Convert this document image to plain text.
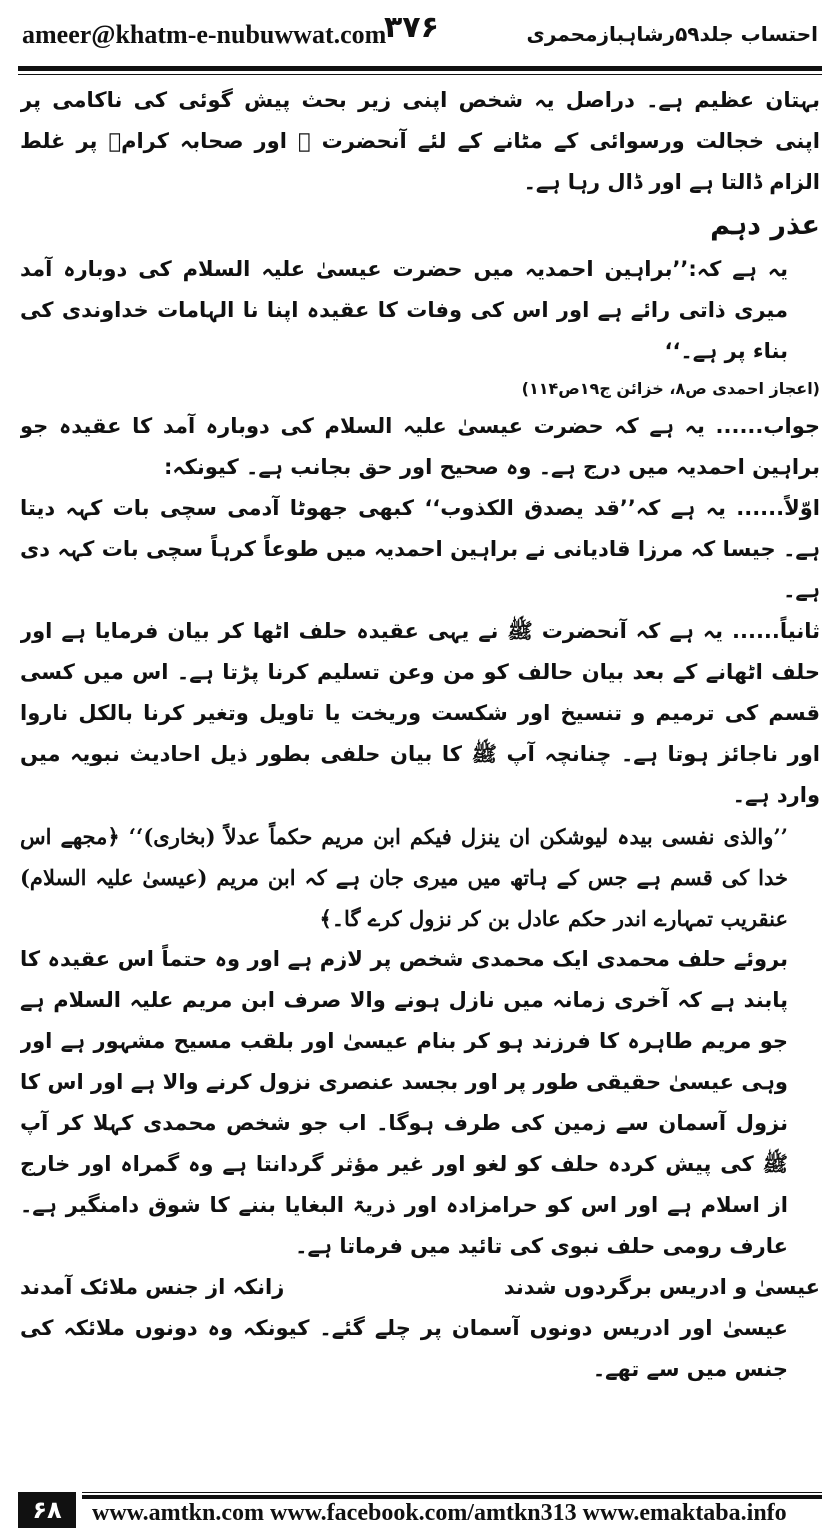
ameer@khatm-e-nubuwwat.com
۳۷۶	احتساب جلد۵۹رشاہبازمحمری

بہتان عظیم ہے۔ دراصل یہ شخص اپنی زیر بحث پیش گوئی کی ناکامی پر اپنی خجالت ورسوائی کے مٹانے کے لئے آنحضرت ﷺ اور صحابہ کرامؓ پر غلط الزام ڈالتا ہے اور ڈال رہا ہے۔

عذر دہم

یہ ہے کہ:’’براہین احمدیہ میں حضرت عیسیٰ علیہ السلام کی دوبارہ آمد میری ذاتی رائے ہے اور اس کی وفات کا عقیدہ اپنا نا الہامات خداوندی کی بناء پر ہے۔‘‘

(اعجاز احمدی ص۸، خزائن ج۱۹ص۱۱۴)

جواب...... یہ ہے کہ حضرت عیسیٰ علیہ السلام کی دوبارہ آمد کا عقیدہ جو براہین احمدیہ میں درج ہے۔ وہ صحیح اور حق بجانب ہے۔ کیونکہ:

اوّلاً...... یہ ہے کہ’’قد یصدق الکذوب‘‘ کبھی جھوٹا آدمی سچی بات کہہ دیتا ہے۔ جیسا کہ مرزا قادیانی نے براہین احمدیہ میں طوعاً کرہاً سچی بات کہہ دی ہے۔

ثانیاً...... یہ ہے کہ آنحضرت ﷺ نے یہی عقیدہ حلف اٹھا کر بیان فرمایا ہے اور حلف اٹھانے کے بعد بیان حالف کو من وعن تسلیم کرنا پڑتا ہے۔ اس میں کسی قسم کی ترمیم و تنسیخ اور شکست وریخت یا تاویل وتغیر کرنا بالکل ناروا اور ناجائز ہوتا ہے۔ چنانچہ آپ ﷺ کا بیان حلفی بطور ذیل احادیث نبویہ میں وارد ہے۔

’’والذی نفسی بیدہ لیوشکن ان ینزل فیکم ابن مریم حکماً عدلاً (بخاری)‘‘ ﴿مجھے اس خدا کی قسم ہے جس کے ہاتھ میں میری جان ہے کہ ابن مریم (عیسیٰ علیہ السلام) عنقریب تمہارے اندر حکم عادل بن کر نزول کرے گا۔﴾

بروئے حلف محمدی ایک محمدی شخص پر لازم ہے اور وہ حتماً اس عقیدہ کا پابند ہے کہ آخری زمانہ میں نازل ہونے والا صرف ابن مریم علیہ السلام ہے جو مریم طاہرہ کا فرزند ہو کر بنام عیسیٰ اور بلقب مسیح مشہور ہے اور وہی عیسیٰ حقیقی طور پر اور بجسد عنصری نزول کرنے والا ہے اور اس کا نزول آسمان سے زمین کی طرف ہوگا۔ اب جو شخص محمدی کہلا کر آپ ﷺ کی پیش کردہ حلف کو لغو اور غیر مؤثر گردانتا ہے وہ گمراہ اور خارج از اسلام ہے اور اس کو حرامزادہ اور ذریۃ البغایا بننے کا شوق دامنگیر ہے۔ عارف رومی حلف نبوی کی تائید میں فرماتا ہے۔

عیسیٰ و ادریس برگردوں شدند
زانکہ از جنس ملائک آمدند

عیسیٰ اور ادریس دونوں آسمان پر چلے گئے۔ کیونکہ وہ دونوں ملائکہ کی جنس میں سے تھے۔

۶۸	www.amtkn.com www.facebook.com/amtkn313 www.emaktaba.info
